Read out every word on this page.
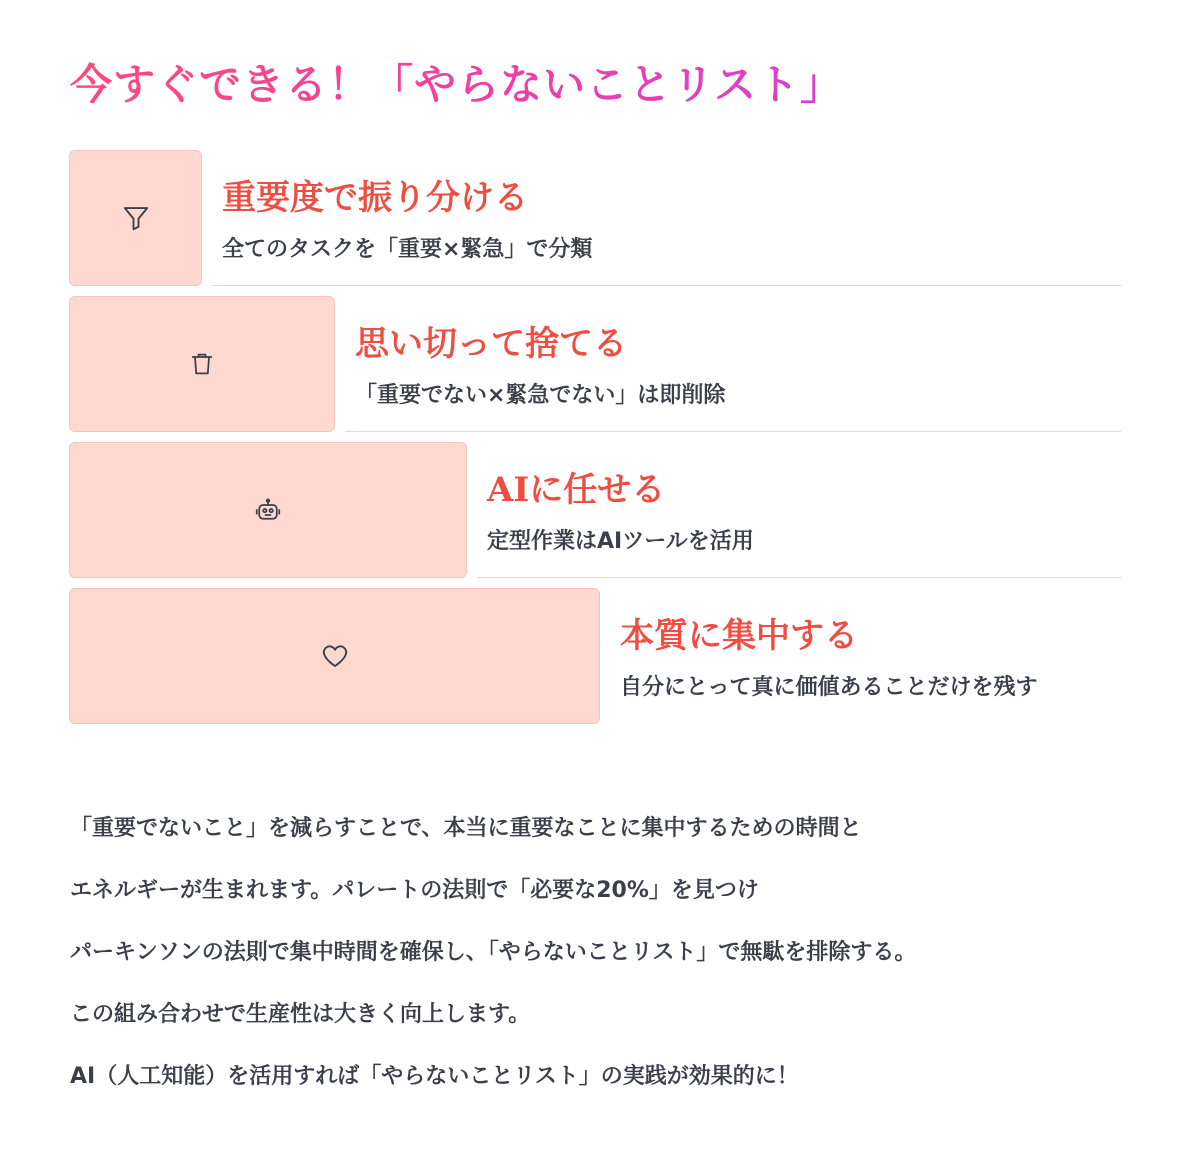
今すぐできる！「やらないことリスト」
重要度で振り分ける
全てのタスクを「重要×緊急」で分類
思い切って捨てる
「重要でない×緊急でない」は即削除
AIに任せる
定型作業はAIツールを活用
本質に集中する
自分にとって真に価値あることだけを残す

「重要でないこと」を減らすことで、本当に重要なことに集中するための時間と

エネルギーが生まれます。パレートの法則で「必要な20%」を見つけ

パーキンソンの法則で集中時間を確保し、「やらないことリスト」で無駄を排除する。

この組み合わせで生産性は大きく向上します。

AI（人工知能）を活用すれば「やらないことリスト」の実践が効果的に！
